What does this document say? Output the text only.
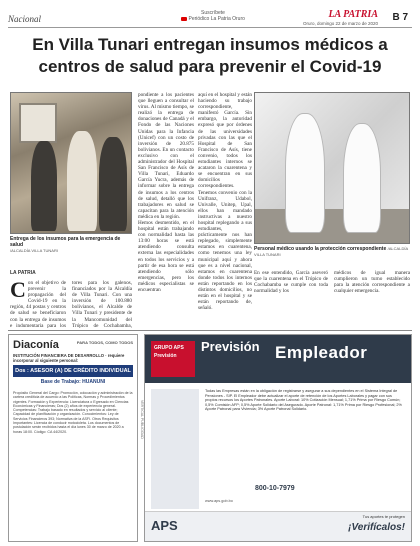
Nacional
Suscríbete
Periódico La Patria Oruro	LA PATRIA
Oruro, domingo 22 de marzo de 2020
B 7
En Villa Tunari entregan insumos médicos a centros de salud para prevenir el Covid-19
Entrega de los insumos para la emergencia de salud
/ALCALDÍA VILLA TUNARI	Personal médico usando la protección correspondiente /ALCALDÍA VILLA TUNARI
LA PATRIA
Con el objetivo de prevenir la propagación del Covid-19 en la región, 44 postas y centros de salud se beneficiaron con la entrega de insumos e indumentaria para los
tores para los galenos, financiados por la Alcaldía de Villa Tunari. Con una inversión de 100.880 bolivianos, el Alcalde de Villa Tunari y presidente de la Mancomunidad del Trópico de Cochabamba,
pondiente a los pacientes que lleguen a consultar el virus. Al mismo tiempo, se realizó la entrega de donaciones de Canadá y el Fondo de las Naciones Unidas para la Infancia (Unicef) con un costo de inversión de 20.875 bolivianos. En un contacto exclusivo con el administrador del Hospital San Francisco de Asís de Villa Tunari, Eduardo García Yucra, además de informar sobre la entrega de insumos a los centros de salud, detalló que los trabajadores en salud se capacitan para la atención médica en la región.
Hemos desmentido, en el hospital están trabajando con normalidad hasta las 13:00 horas se está atendiendo consulta externa las especialidades en todos los servicios y a partir de esa hora se está atendiendo sólo emergencias, pero los médicos especialistas se encuentran
aquí en el hospital y están haciendo su trabajo correspondiente, manifestó García. Sin embargo, la autoridad expresó que por órdenes de las universidades privadas con las que el Hospital de San Francisco de Asís, tiene convenio, todos los estudiantes internos se acataron la cuarentena y se encuentran en sus domicilios correspondientes. Tenemos convenio con la Unifranz, Udabol, Univalle, Unitep, Upal, ellos han mandado instructivas a nuestro hospital replegando a sus estudiantes, prácticamente nos han replegado, simplemente estamos en cuarentena, como tenemos una ley municipal aquí y ahora que es a nivel nacional, estamos en cuarentena donde todos los internos están reportando en los distintos domicilios, no están en el hospital y se están reportando de, señaló.
En ese entendido, García aseveró que la cuarentena en el Trópico de Cochabamba se cumple con toda normalidad y los
médicos de igual manera cumplieron un turno establecido para la atención correspondiente a cualquier emergencia.
Diaconía	PARA TODOS, COMO TODOS
INSTITUCIÓN FINANCIERA DE DESARROLLO · requiere incorporar al siguiente personal:
Dos : ASESOR (A) DE CRÉDITO INDIVIDUAL
Base de Trabajo: HUANUNI
Propósito General del Cargo: Promoción, colocación y administración de la cartera crediticia de acuerdo a las Políticas, Normas y Procedimientos vigentes. Formación y Experiencia: Licenciatura o Egresado en Ciencias Económicas y Financieras; Dos (2) años de experiencia general. Competencias: Trabajo basado en resultados y servicio al cliente; Capacidad de planificación y organización. Conocimientos: Ley de Servicios Financieros 393; Normativa de la ASFI. Otros Requisitos Importantes: Licencia de conducir motocicleta. Los documentos de postulación serán recibidos hasta el día lunes 30 de marzo de 2020 a horas 18:00. Código: CA 44/2020.	VERTICAL PUBLICIDAD
GRUPO APS Previsión
Previsión Empleador
Todas las Empresas están en la obligación de registrarse y asegurar a sus dependientes en el Sistema Integral de Pensiones - SIP. El Empleador debe actualizar el aporte de retención de los Aportes Laborales y pagar con sus propios recursos los Aportes Patronales. Aporte Laboral: 10% Cotización Mensual; 1,71% Prima por Riesgo Común; 0,5% Comisión AFP; 0,5% Aporte Solidario del Asegurado. Aporte Patronal: 1,71% Prima por Riesgo Profesional; 2% Aporte Patronal para Vivienda; 3% Aporte Patronal Solidario.
800-10-7979
www.aps.gob.bo
APS
Tus aportes te protegen
¡Verifícalos!
